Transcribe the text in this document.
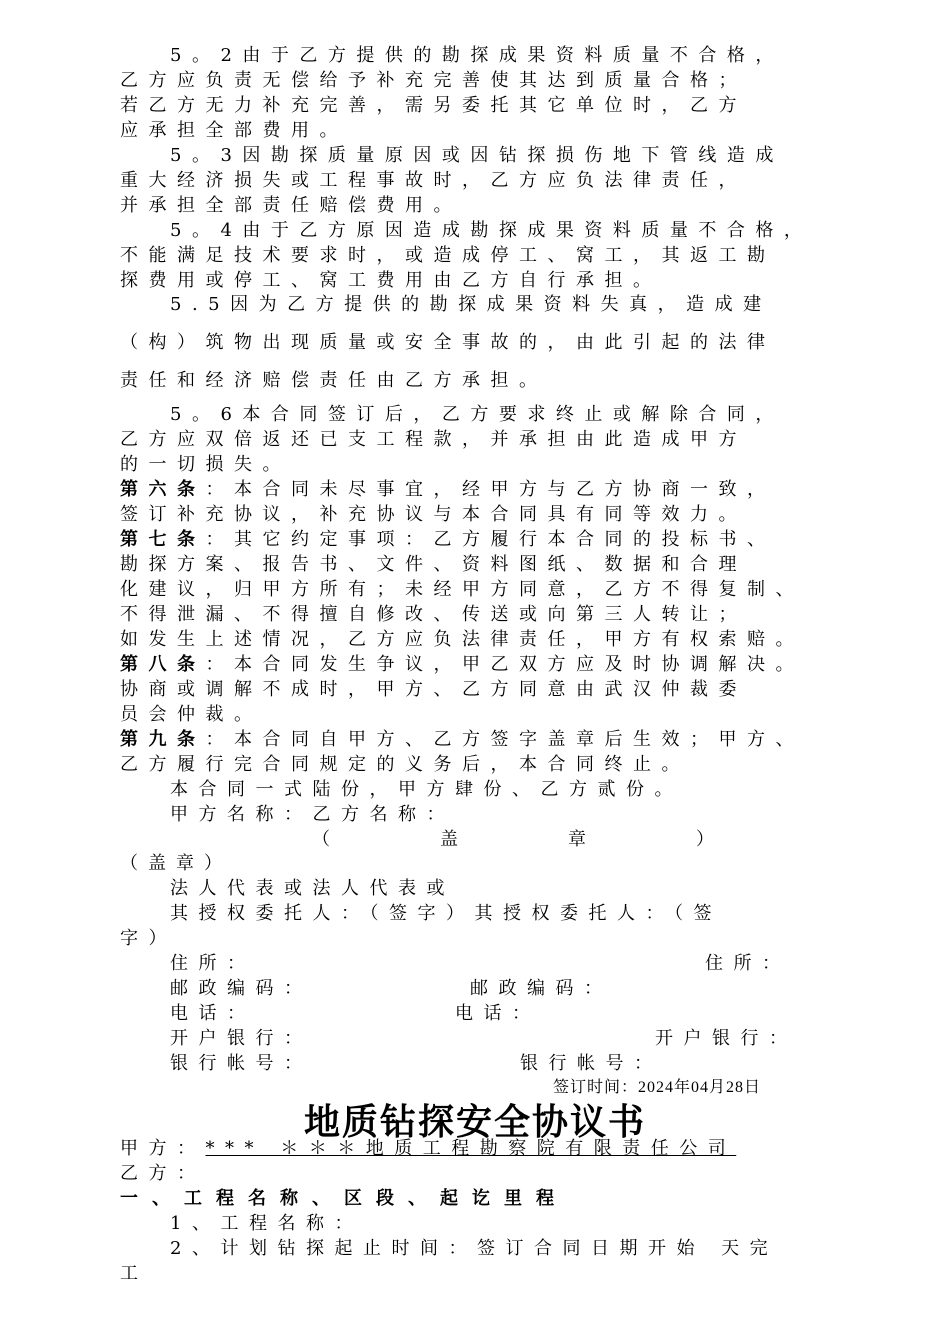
5。2由于乙方提供的勘探成果资料质量不合格，
乙方应负责无偿给予补充完善使其达到质量合格；
若乙方无力补充完善，需另委托其它单位时，乙方
应承担全部费用。
5。3因勘探质量原因或因钻探损伤地下管线造成
重大经济损失或工程事故时，乙方应负法律责任，
并承担全部责任赔偿费用。
5。4由于乙方原因造成勘探成果资料质量不合格，
不能满足技术要求时，或造成停工、窝工，其返工勘
探费用或停工、窝工费用由乙方自行承担。
5.5因为乙方提供的勘探成果资料失真，造成建
（构）筑物出现质量或安全事故的，由此引起的法律
责任和经济赔偿责任由乙方承担。
5。6本合同签订后，乙方要求终止或解除合同，
乙方应双倍返还已支工程款，并承担由此造成甲方
的一切损失。
第六条：本合同未尽事宜，经甲方与乙方协商一致，
签订补充协议，补充协议与本合同具有同等效力。
第七条：其它约定事项：乙方履行本合同的投标书、
勘探方案、报告书、文件、资料图纸、数据和合理
化建议，归甲方所有；未经甲方同意，乙方不得复制、
不得泄漏、不得擅自修改、传送或向第三人转让；
如发生上述情况，乙方应负法律责任，甲方有权索赔。
第八条：本合同发生争议，甲乙双方应及时协调解决。
协商或调解不成时，甲方、乙方同意由武汉仲裁委
员会仲裁。
第九条：本合同自甲方、乙方签字盖章后生效；甲方、
乙方履行完合同规定的义务后，本合同终止。
本合同一式陆份，甲方肆份、乙方贰份。
甲方名称：乙方名称：
（盖章）
（盖章）
法人代表或法人代表或
其授权委托人：（签字）其授权委托人：（签
字）
住所：	住所：
邮政编码：	邮政编码：
电话：	电话：
开户银行：	开户银行：
银行帐号：	银行帐号：
签订时间：2024年04月28日
地质钻探安全协议书
甲方：*** ＊＊＊地质工程勘察院有限责任公司
乙方：
一、工程名称、区段、起讫里程
1、工程名称：
2、计划钻探起止时间：签订合同日期开始 天完
工
